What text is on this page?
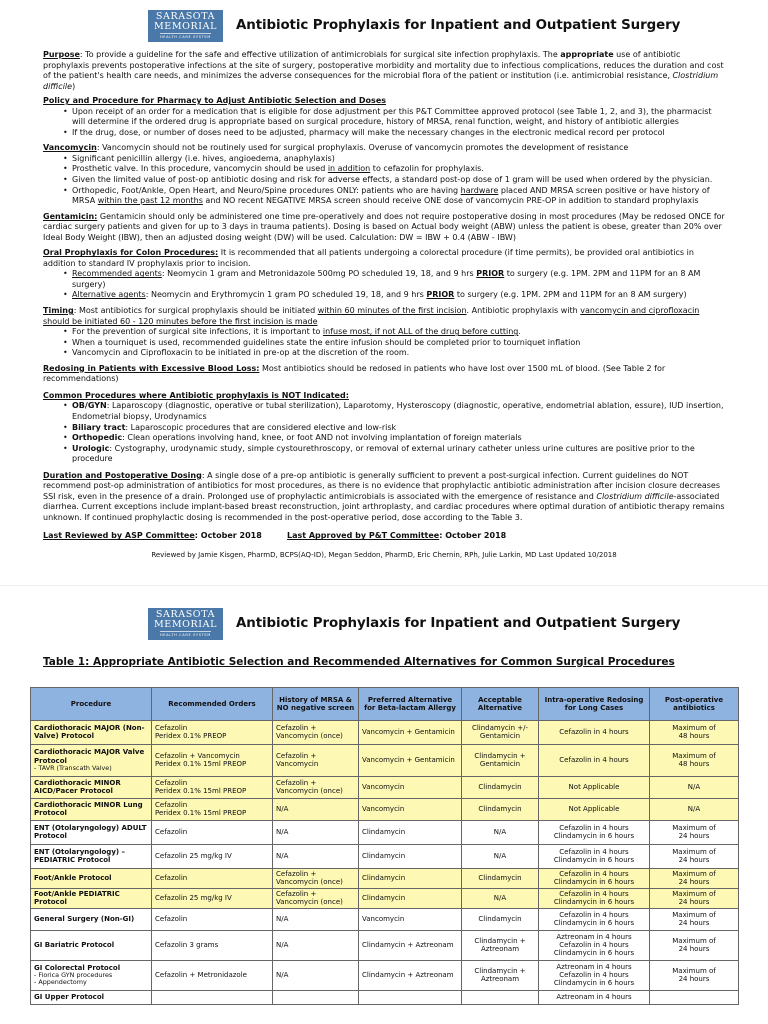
SARASOTA
MEMORIAL
HEALTH CARE SYSTEM
Antibiotic Prophylaxis for Inpatient and Outpatient Surgery

Purpose: To provide a guideline for the safe and effective utilization of antimicrobials for surgical site infection prophylaxis. The appropriate use of antibiotic prophylaxis prevents postoperative infections at the site of surgery, postoperative morbidity and mortality due to infectious complications, reduces the duration and cost of the patient's health care needs, and minimizes the adverse consequences for the microbial flora of the patient or institution (i.e. antimicrobial resistance, Clostridium difficile)

Policy and Procedure for Pharmacy to Adjust Antibiotic Selection and Doses
• Upon receipt of an order for a medication that is eligible for dose adjustment per this P&T Committee approved protocol (see Table 1, 2, and 3), the pharmacist will determine if the ordered drug is appropriate based on surgical procedure, history of MRSA, renal function, weight, and history of antibiotic allergies
• If the drug, dose, or number of doses need to be adjusted, pharmacy will make the necessary changes in the electronic medical record per protocol

Vancomycin: Vancomycin should not be routinely used for surgical prophylaxis. Overuse of vancomycin promotes the development of resistance

• Significant penicillin allergy (i.e. hives, angioedema, anaphylaxis)
• Prosthetic valve. In this procedure, vancomycin should be used in addition to cefazolin for prophylaxis.
• Given the limited value of post-op antibiotic dosing and risk for adverse effects, a standard post-op dose of 1 gram will be used when ordered by the physician.
• Orthopedic, Foot/Ankle, Open Heart, and Neuro/Spine procedures ONLY: patients who are having hardware placed AND MRSA screen positive or have history of MRSA within the past 12 months and NO recent NEGATIVE MRSA screen should receive ONE dose of vancomycin PRE-OP in addition to standard prophylaxis

Gentamicin: Gentamicin should only be administered one time pre-operatively and does not require postoperative dosing in most procedures (May be redosed ONCE for cardiac surgery patients and given for up to 3 days in trauma patients). Dosing is based on Actual body weight (ABW) unless the patient is obese, greater than 20% over Ideal Body Weight (IBW), then an adjusted dosing weight (DW) will be used. Calculation: DW = IBW + 0.4 (ABW - IBW)

Oral Prophylaxis for Colon Procedures: It is recommended that all patients undergoing a colorectal procedure (if time permits), be provided oral antibiotics in addition to standard IV prophylaxis prior to incision.

• Recommended agents: Neomycin 1 gram and Metronidazole 500mg PO scheduled 19, 18, and 9 hrs PRIOR to surgery (e.g. 1PM. 2PM and 11PM for an 8 AM surgery)
• Alternative agents: Neomycin and Erythromycin 1 gram PO scheduled 19, 18, and 9 hrs PRIOR to surgery (e.g. 1PM. 2PM and 11PM for an 8 AM surgery)

Timing: Most antibiotics for surgical prophylaxis should be initiated within 60 minutes of the first incision. Antibiotic prophylaxis with vancomycin and ciprofloxacin should be initiated 60 - 120 minutes before the first incision is made

• For the prevention of surgical site infections, it is important to infuse most, if not ALL of the drug before cutting.
• When a tourniquet is used, recommended guidelines state the entire infusion should be completed prior to tourniquet inflation
• Vancomycin and Ciprofloxacin to be initiated in pre-op at the discretion of the room.

Redosing in Patients with Excessive Blood Loss: Most antibiotics should be redosed in patients who have lost over 1500 mL of blood. (See Table 2 for recommendations)

Common Procedures where Antibiotic prophylaxis is NOT Indicated:
• OB/GYN: Laparoscopy (diagnostic, operative or tubal sterilization), Laparotomy, Hysteroscopy (diagnostic, operative, endometrial ablation, essure), IUD insertion, Endometrial biopsy, Urodynamics
• Biliary tract: Laparoscopic procedures that are considered elective and low-risk
• Orthopedic: Clean operations involving hand, knee, or foot AND not involving implantation of foreign materials
• Urologic: Cystography, urodynamic study, simple cystourethroscopy, or removal of external urinary catheter unless urine cultures are positive prior to the procedure

Duration and Postoperative Dosing: A single dose of a pre-op antibiotic is generally sufficient to prevent a post-surgical infection. Current guidelines do NOT recommend post-op administration of antibiotics for most procedures, as there is no evidence that prophylactic antibiotic administration after incision closure decreases SSI risk, even in the presence of a drain. Prolonged use of prophylactic antimicrobials is associated with the emergence of resistance and Clostridium difficile-associated diarrhea. Current exceptions include implant-based breast reconstruction, joint arthroplasty, and cardiac procedures where optimal duration of antibiotic therapy remains unknown. If continued prophylactic dosing is recommended in the post-operative period, dose according to the Table 3.

Last Reviewed by ASP Committee: October 2018	Last Approved by P&T Committee: October 2018
Reviewed by Jamie Kisgen, PharmD, BCPS(AQ-ID), Megan Seddon, PharmD, Eric Chernin, RPh, Julie Larkin, MD Last Updated 10/2018
SARASOTA
MEMORIAL
HEALTH CARE SYSTEM
Antibiotic Prophylaxis for Inpatient and Outpatient Surgery
Table 1: Appropriate Antibiotic Selection and Recommended Alternatives for Common Surgical Procedures
Procedure	Recommended Orders	History of MRSA & NO negative screen	Preferred Alternative for Beta-lactam Allergy	Acceptable Alternative	Intra-operative Redosing for Long Cases	Post-operative antibiotics
Cardiothoracic MAJOR (Non-Valve) Protocol	Cefazolin
Peridex 0.1% PREOP	Cefazolin +
Vancomycin (once)	Vancomycin + Gentamicin	Clindamycin +/-
Gentamicin	Cefazolin in 4 hours	Maximum of
48 hours
Cardiothoracic MAJOR Valve Protocol
- TAVR (Transcath Valve)	Cefazolin + Vancomycin
Peridex 0.1% 15ml PREOP	Cefazolin +
Vancomycin	Vancomycin + Gentamicin	Clindamycin +
Gentamicin	Cefazolin in 4 hours	Maximum of
48 hours
Cardiothoracic MINOR AICD/Pacer Protocol	Cefazolin
Peridex 0.1% 15ml PREOP	Cefazolin +
Vancomycin (once)	Vancomycin	Clindamycin	Not Applicable	N/A
Cardiothoracic MINOR Lung Protocol	Cefazolin
Peridex 0.1% 15ml PREOP	N/A	Vancomycin	Clindamycin	Not Applicable	N/A
ENT (Otolaryngology) ADULT Protocol	Cefazolin	N/A	Clindamycin	N/A	Cefazolin in 4 hours
Clindamycin in 6 hours	Maximum of
24 hours
ENT (Otolaryngology) – PEDIATRIC Protocol	Cefazolin 25 mg/kg IV	N/A	Clindamycin	N/A	Cefazolin in 4 hours
Clindamycin in 6 hours	Maximum of
24 hours
Foot/Ankle Protocol	Cefazolin	Cefazolin +
Vancomycin (once)	Clindamycin	Clindamycin	Cefazolin in 4 hours
Clindamycin in 6 hours	Maximum of
24 hours
Foot/Ankle PEDIATRIC Protocol	Cefazolin 25 mg/kg IV	Cefazolin +
Vancomycin (once)	Clindamycin	N/A	Cefazolin in 4 hours
Clindamycin in 6 hours	Maximum of
24 hours
General Surgery (Non-GI)	Cefazolin	N/A	Vancomycin	Clindamycin	Cefazolin in 4 hours
Clindamycin in 6 hours	Maximum of
24 hours
GI Bariatric Protocol	Cefazolin 3 grams	N/A	Clindamycin + Aztreonam	Clindamycin +
Aztreonam	Aztreonam in 4 hours
Cefazolin in 4 hours
Clindamycin in 6 hours	Maximum of
24 hours
GI Colorectal Protocol
- Fiorica GYN procedures
- Appendectomy	Cefazolin + Metronidazole	N/A	Clindamycin + Aztreonam	Clindamycin +
Aztreonam	Aztreonam in 4 hours
Cefazolin in 4 hours
Clindamycin in 6 hours	Maximum of
24 hours
GI Upper Protocol					Aztreonam in 4 hours	
